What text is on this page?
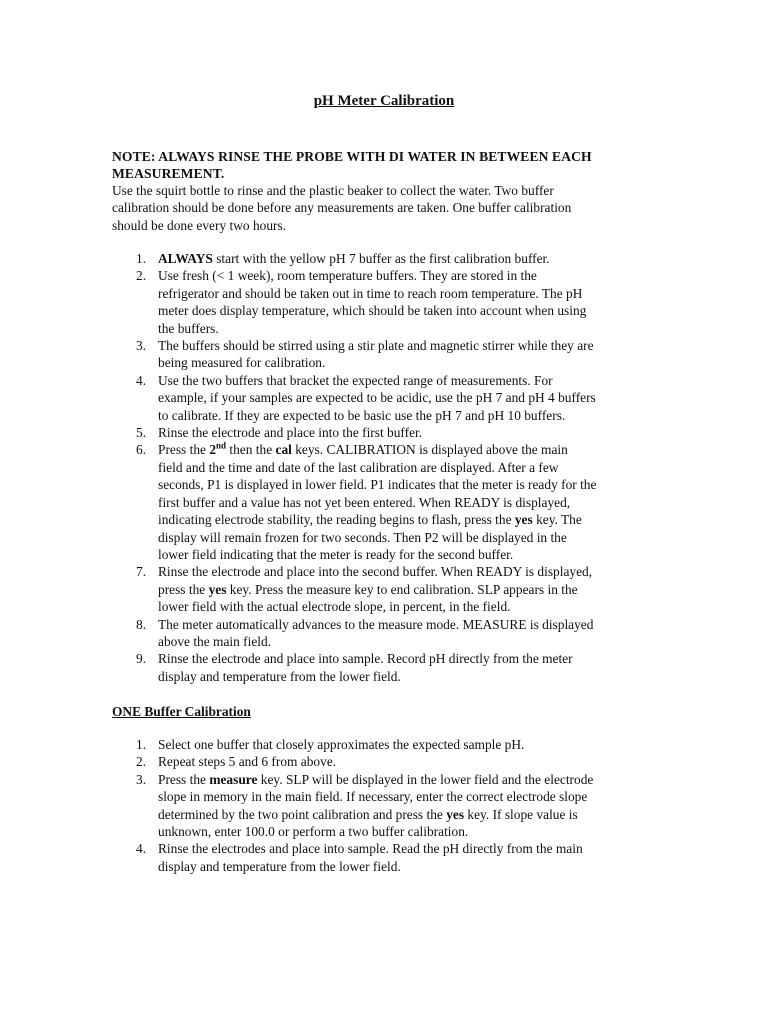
pH Meter Calibration
NOTE: ALWAYS RINSE THE PROBE WITH DI WATER IN BETWEEN EACH
MEASUREMENT.
Use the squirt bottle to rinse and the plastic beaker to collect the water. Two buffer
calibration should be done before any measurements are taken. One buffer calibration
should be done every two hours.
1. ALWAYS start with the yellow pH 7 buffer as the first calibration buffer.
2. Use fresh (< 1 week), room temperature buffers. They are stored in the
refrigerator and should be taken out in time to reach room temperature. The pH
meter does display temperature, which should be taken into account when using
the buffers.
3. The buffers should be stirred using a stir plate and magnetic stirrer while they are
being measured for calibration.
4. Use the two buffers that bracket the expected range of measurements. For
example, if your samples are expected to be acidic, use the pH 7 and pH 4 buffers
to calibrate. If they are expected to be basic use the pH 7 and pH 10 buffers.
5. Rinse the electrode and place into the first buffer.
6. Press the 2nd then the cal keys. CALIBRATION is displayed above the main
field and the time and date of the last calibration are displayed. After a few
seconds, P1 is displayed in lower field. P1 indicates that the meter is ready for the
first buffer and a value has not yet been entered. When READY is displayed,
indicating electrode stability, the reading begins to flash, press the yes key. The
display will remain frozen for two seconds. Then P2 will be displayed in the
lower field indicating that the meter is ready for the second buffer.
7. Rinse the electrode and place into the second buffer. When READY is displayed,
press the yes key. Press the measure key to end calibration. SLP appears in the
lower field with the actual electrode slope, in percent, in the field.
8. The meter automatically advances to the measure mode. MEASURE is displayed
above the main field.
9. Rinse the electrode and place into sample. Record pH directly from the meter
display and temperature from the lower field.
ONE Buffer Calibration
1. Select one buffer that closely approximates the expected sample pH.
2. Repeat steps 5 and 6 from above.
3. Press the measure key. SLP will be displayed in the lower field and the electrode
slope in memory in the main field. If necessary, enter the correct electrode slope
determined by the two point calibration and press the yes key. If slope value is
unknown, enter 100.0 or perform a two buffer calibration.
4. Rinse the electrodes and place into sample. Read the pH directly from the main
display and temperature from the lower field.
